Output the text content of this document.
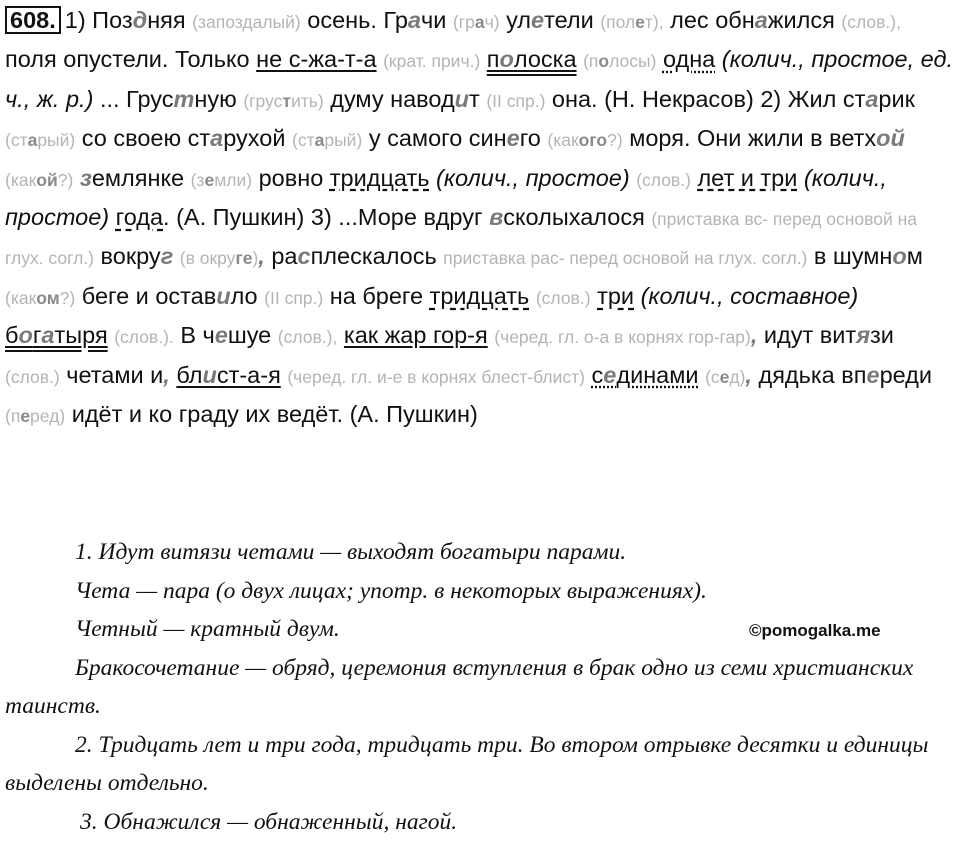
608. 1) Поздняя (запоздалый) осень. Грачи (грач) улетели (полет), лес обнажился (слов.), поля опустели. Только не с-жа-т-а (крат. прич.) полоска (полосы) одна (колич., простое, ед. ч., ж. р.) ... Грустную (грустить) думу наводит (II спр.) она. (Н. Некрасов) 2) Жил старик (старый) со своею старухой (старый) у самого синего (какого?) моря. Они жили в ветхой (какой?) землянке (земли) ровно тридцать (колич., простое) (слов.) лет и три (колич., простое) года. (А. Пушкин) 3) ...Море вдруг всколыхалося (приставка вс- перед основой на глух. согл.) вокруг (в округе), расплескалось приставка рас- перед основой на глух. согл.) в шумном (каком?) беге и оставило (II спр.) на бреге тридцать (слов.) три (колич., составное) богатыря (слов.). В чешуе (слов.), как жар гор-я (черед. гл. о-а в корнях гор-гар), идут витязи (слов.) четами и, блист-а-я (черед. гл. и-е в корнях блест-блист) сединами (сед), дядька впереди (перед) идёт и ко граду их ведёт. (А. Пушкин)

1. Идут витязи четами — выходят богатыри парами.

Чета — пара (о двух лицах; употр. в некоторых выражениях).

Четный — кратный двум.

Бракосочетание — обряд, церемония вступления в брак одно из семи христианских таинств.

2. Тридцать лет и три года, тридцать три. Во втором отрывке десятки и единицы выделены отдельно.

3. Обнажился — обнаженный, нагой.

©pomogalka.me
